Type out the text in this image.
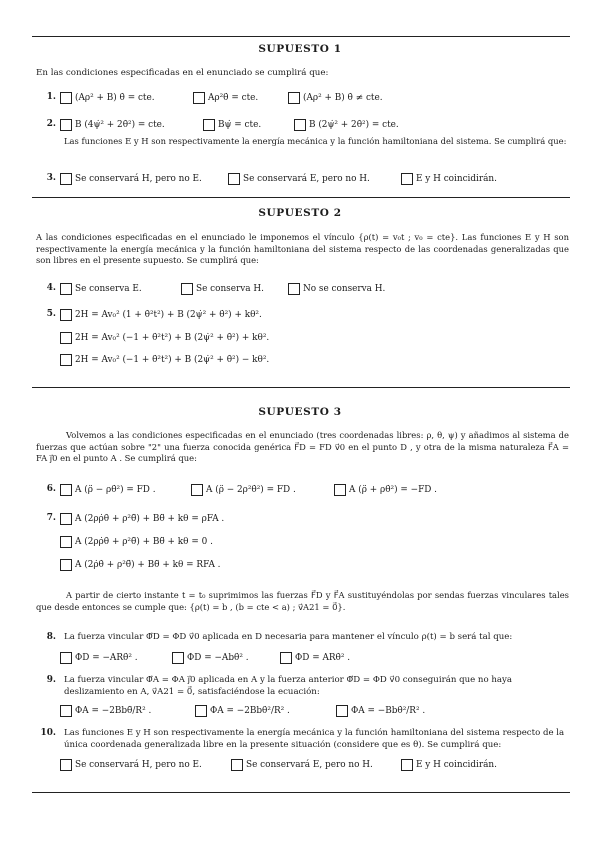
SUPUESTO 1
En las condiciones especificadas en el enunciado se cumplirá que:
1. (Aρ² + B) θ̇ = cte.	Aρ²θ̇ = cte.	(Aρ² + B) θ̇ ≠ cte.
2. B (4ψ̇² + 2θ̇²) = cte.	Bψ̇ = cte.	B (2ψ̇² + 2θ̇²) = cte.
Las funciones E y H son respectivamente la energía mecánica y la función hamiltoniana del sistema. Se cumplirá que:
3. Se conservará H, pero no E.	Se conservará E, pero no H.	E y H coincidirán.
SUPUESTO 2
A las condiciones especificadas en el enunciado le imponemos el vínculo {ρ(t) = v₀t ; v₀ = cte}. Las funciones E y H son respectivamente la energía mecánica y la función hamiltoniana del sistema respecto de las coordenadas generalizadas que son libres en el presente supuesto. Se cumplirá que:
4. Se conserva E.	Se conserva H.	No se conserva H.
5. 2H = Av₀² (1 + θ̇²t²) + B (2ψ̇² + θ̇²) + kθ².
2H = Av₀² (−1 + θ̇²t²) + B (2ψ̇² + θ̇²) + kθ².
2H = Av₀² (−1 + θ̇²t²) + B (2ψ̇² + θ̇²) − kθ².
SUPUESTO 3
Volvemos a las condiciones especificadas en el enunciado (tres coordenadas libres: ρ, θ, ψ) y añadimos al sistema de fuerzas que actúan sobre "2" una fuerza conocida genérica F⃗D = FD v⃗0 en el punto D , y otra de la misma naturaleza F⃗A = FA j⃗0 en el punto A . Se cumplirá que:
6. A (ρ̈ − ρθ̇²) = FD .	A (ρ̈ − 2ρ²θ̇²) = FD .	A (ρ̈ + ρθ̇²) = −FD .
7. A (2ρρ̇θ̇ + ρ²θ̈) + Bθ̈ + kθ = ρFA .
A (2ρρ̇θ̇ + ρ²θ̈) + Bθ̈ + kθ = 0 .
A (2ρ̇θ̇ + ρ²θ̈) + Bθ̈ + kθ = RFA .
A partir de cierto instante t = t₀ suprimimos las fuerzas F⃗D y F⃗A sustituyéndolas por sendas fuerzas vinculares tales que desde entonces se cumple que: {ρ(t) = b , (b = cte < a) ; v⃗A21 = 0⃗}.
8. La fuerza vincular Φ⃗D = ΦD v⃗0 aplicada en D necesaria para mantener el vínculo ρ(t) = b será tal que:
ΦD = −ARθ̇² .	ΦD = −Abθ̇² .	ΦD = ARθ̇² .
9. La fuerza vincular Φ⃗A = ΦA j⃗0 aplicada en A y la fuerza anterior Φ⃗D = ΦD v⃗0 conseguirán que no haya deslizamiento en A, v⃗A21 = 0⃗, satisfaciéndose la ecuación:
ΦA = −2Bbθ̈/R² .	ΦA = −2Bbθ̇²/R² .	ΦA = −Bbθ̇²/R² .
10. Las funciones E y H son respectivamente la energía mecánica y la función hamiltoniana del sistema respecto de la única coordenada generalizada libre en la presente situación (considere que es θ). Se cumplirá que:
Se conservará H, pero no E.	Se conservará E, pero no H.	E y H coincidirán.
